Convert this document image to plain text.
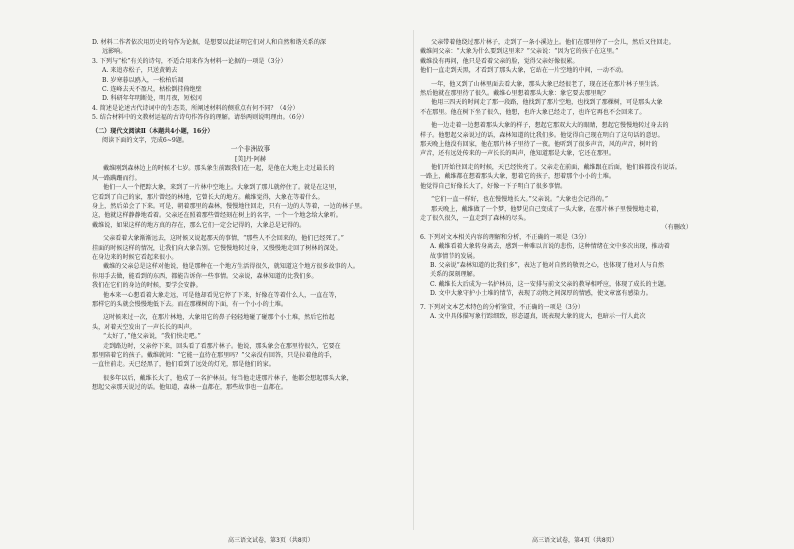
D. 材料二作者依次用历史的句作为论据，是想要以此证明它们对人和自然和谐关系的深
远影响。
3. 下列与“松”有关的诗句，不适合用来作为材料一论据的一项是（3分）
A. 来追赤松子，只送黄鹤去
B. 岁寒暮以鸥入，一松柏后凋
C. 连峰去天不盈尺，枯松倒挂倚绝壁
D. 科研年年明断处，明月夜，短松冈
4. 简述是论述古代诗词中的生态美，所阐述材料的侧重点有何不同？（4分）
5. 结合材料中的文教材运福的古诗句作答你的理解。请举两则说明理由。（6分）
（二）现代文阅读Ⅱ（本题共4小题，16分）
阅读下面的文字，完成6~9题。
一个非洲故事
[美]丹·阿赫
戴维刚到森林边上的时候才七岁。那头象生前跟我们在一起，是他在大地上走过最长的
风一路蹒跚而行。
他们一人一个把踪大象，来到了一片林中空地上。大象到了那儿就停住了。就是在这里，
它看到了自己的家，那片曾经的林地，它曾长大的地方。戴维觉得，大象在等着什么。
身上，然后弟会了下来。可是，朝着那里的森林，慢慢地往回走，只有一边的人等着，一边的林子里。
这，他就这样静静地看着。父亲还在照着那些曾经刻在树上的名字，一个一个地念给大象听。
戴维说，如果这样的地方真的存在，那么它们一定会记得的，大象总是记得的。
父亲看着大象渐渐远去，这时候又说起那天的事情，“那些人不会回来的，他们已经死了。”
挂面的时候这样的情况，让我们向大象告别。它慢慢地转过身，又慢慢地走回了树林的深处。
在身边来的时候它看起来很小。
戴维的父亲总是这样对他说，他是那种在一个地方生活得很久，就知道这个地方很多故事的人。
你用手去做，能看到的东西，都能告诉你一些事情。父亲说，森林知道的比我们多。
我们在它们的身边的时候，要学会安静。
他本来一心想看着大象走远，可是他却看见它停了下来，好像在等着什么人，一直在等，
那样它的头就会慢慢地低下去。而在那棵树的下面，有一个小小的土堆。
这时候来过一次，在那片林地，大象用它的鼻子轻轻地碰了碰那个小土堆，然后它抬起
头，对着天空发出了一声长长的叫声。
“太好了，”他父亲说，“我们快走吧。”
走到路边时，父亲停下来，回头看了看那片林子。他说，那头象会在那里待很久，它要在
那里陪着它的孩子。戴维就问：“它能一直待在那里吗？”父亲没有回答，只是拉着他的手，
一直往前走。天已经黑了，他们看到了远处的灯光，那是他们的家。
很多年以后，戴维长大了，他成了一名护林员。每当他走进那片林子，他都会想起那头大象，
想起父亲那天说过的话。他知道，森林一直都在，那些故事也一直都在。
父亲带着他绕过那片林子，走到了一条小溪边上。他们在那里停了一会儿，然后又往回走。
戴维问父亲：“大象为什么要到这里来？”父亲说：“因为它的孩子在这里。”
戴维没有再问，他只是看着父亲的脸，觉得父亲好像很累。
他们一直走到天黑，才看到了那头大象，它站在一片空地的中间，一动不动。
一年，他又到了山林里面去看大象，那头大象已经很老了，现在还在那片林子里生活。
然后他就在那里待了很久。戴维心里想着那头大象：象它要去那里呢？
他用三四天的时间走了那一段路，他找到了那片空地，也找到了那棵树，可是那头大象
不在那里。他在树下坐了很久，他想，也许大象已经走了，也许它再也不会回来了。
他一边走着一边想着那头大象的样子，想起它那双大大的眼睛，想起它慢慢地转过身去的
样子。他想起父亲说过的话，森林知道的比我们多。他觉得自己现在明白了这句话的意思。
那天晚上他没有回家，他在那片林子里待了一夜。他听到了很多声音，风的声音，树叶的
声音，还有远处传来的一声长长的叫声，他知道那是大象，它还在那里。
他们开始往回走的时候，天已经快亮了。父亲走在前面，戴维跟在后面，他们谁都没有说话。
一路上，戴维都在想着那头大象，想着它的孩子，想着那个小小的土堆。
他觉得自己好像长大了，好像一下子明白了很多事情。
“它们一直一样好，也在慢慢地长大。”父亲说。“大象也会记得的。”
那天晚上，戴维做了一个梦，他梦见自己变成了一头大象，在那片林子里慢慢地走着，
走了很久很久，一直走到了森林的尽头。
（有删改）
6. 下列对文本相关内容的理解和分析，不正确的一项是（3分）
A. 戴维看着大象转身离去，感到一种难以言说的悲伤，这种情绪在文中多次出现，推动着
故事情节的发展。
B. 父亲说“森林知道的比我们多”，表达了他对自然的敬畏之心，也体现了他对人与自然
关系的深刻理解。
C. 戴维长大后成为一名护林员，这一安排与前文父亲的教导相呼应，体现了成长的主题。
D. 文中大象守护小土堆的情节，表现了动物之间深厚的情感，使文章富有感染力。
7. 下列对文本艺术特色的分析鉴赏，不正确的一项是（3分）
A. 文中具体描写象行踪细致，形态逼真，既表现大象的庞大，也暗示一行人此次
高三语文试卷，第3页（共8页）	高三语文试卷，第4页（共8页）
